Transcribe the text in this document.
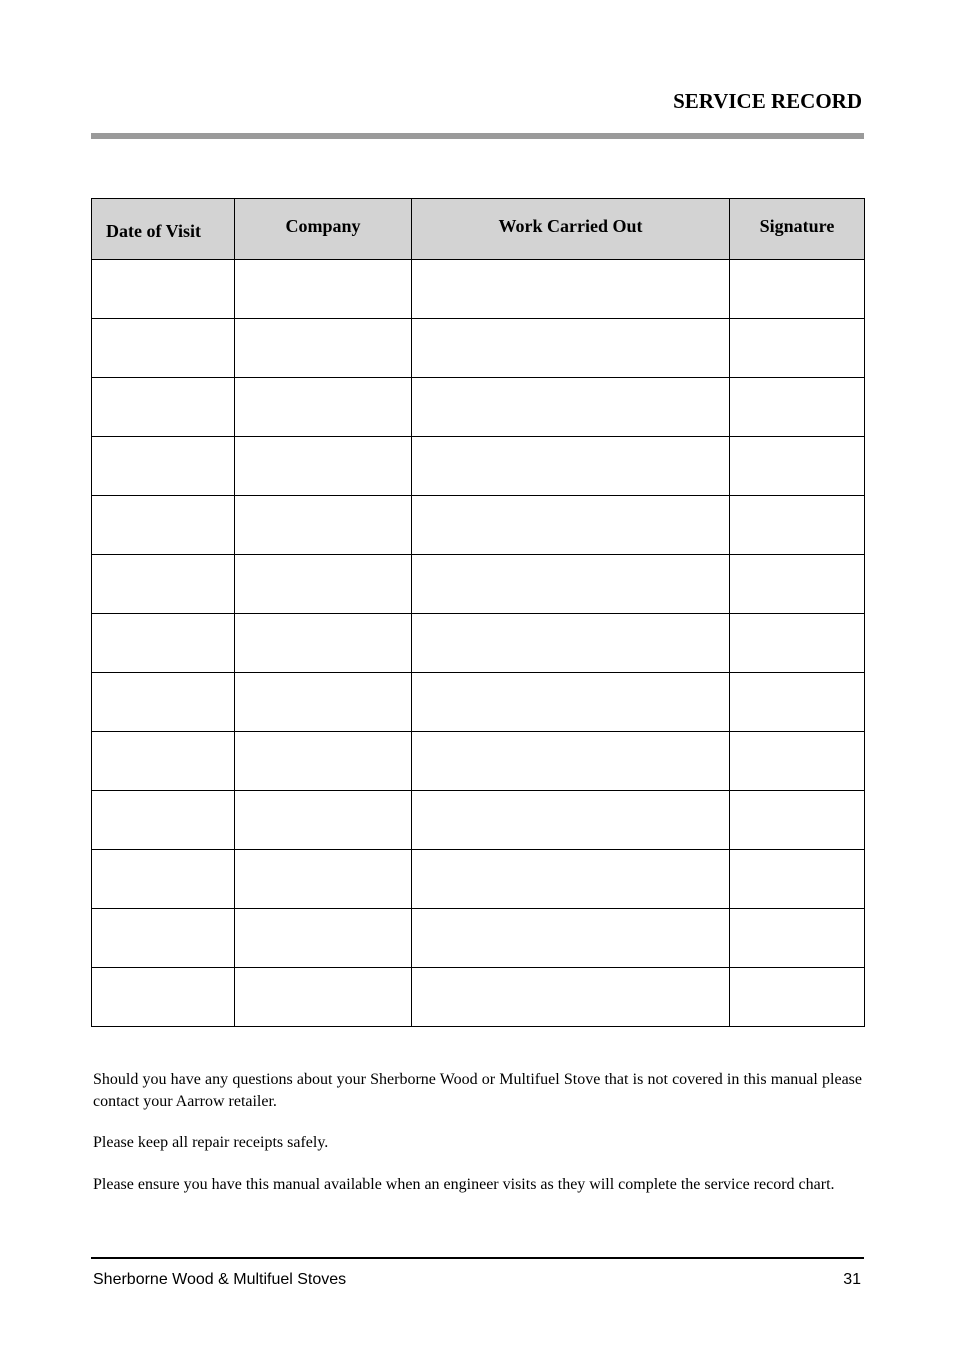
SERVICE RECORD
Date of Visit	Company	Work Carried Out	Signature

Should you have any questions about your Sherborne Wood or Multifuel Stove that is not covered in this manual please contact your Aarrow retailer.

Please keep all repair receipts safely.

Please ensure you have this manual available when an engineer visits as they will complete the service record chart.

Sherborne Wood & Multifuel Stoves	31
